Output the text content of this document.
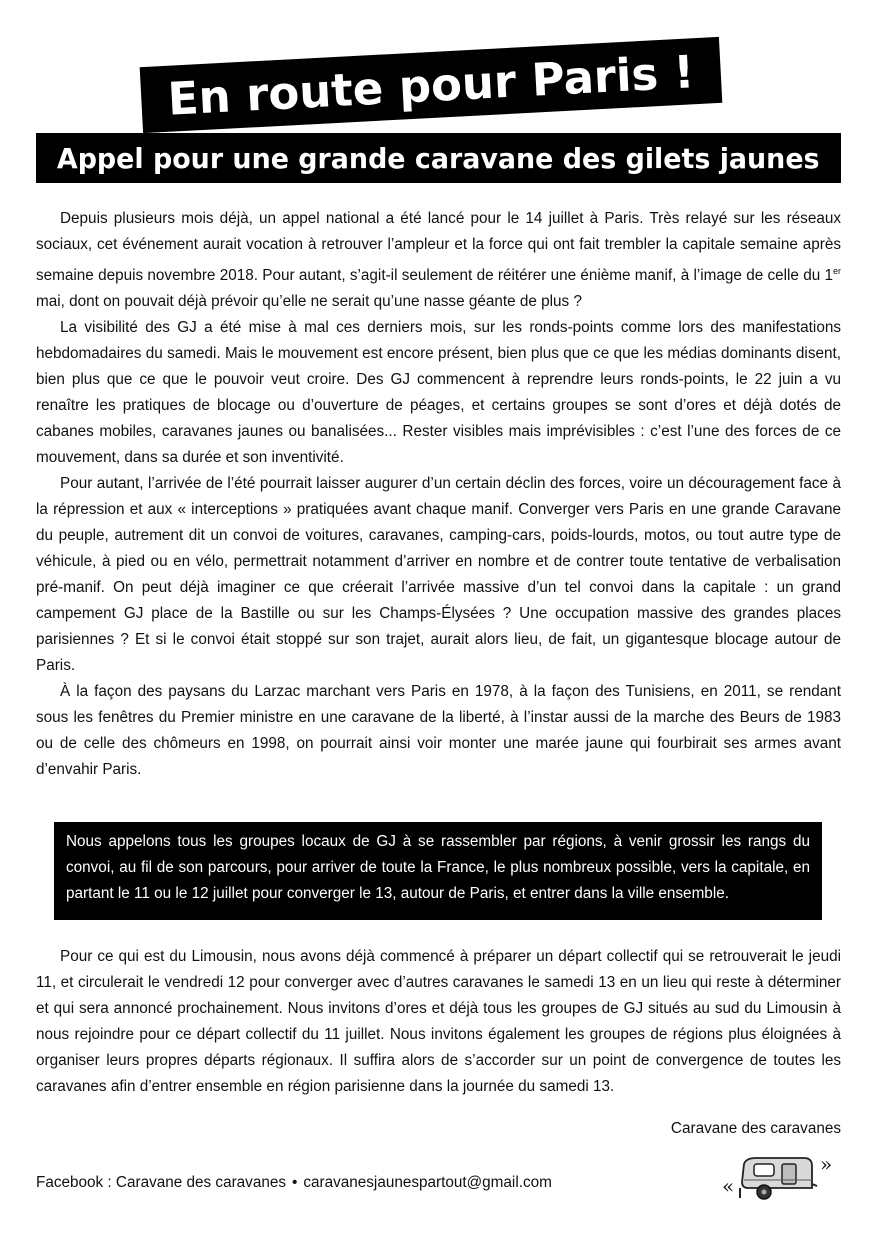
En route pour Paris !
Appel pour une grande caravane des gilets jaunes

Depuis plusieurs mois déjà, un appel national a été lancé pour le 14 juillet à Paris. Très relayé sur les réseaux sociaux, cet événement aurait vocation à retrouver l’ampleur et la force qui ont fait trembler la capitale semaine après semaine depuis novembre 2018. Pour autant, s’agit-il seulement de réitérer une énième manif, à l’image de celle du 1er mai, dont on pouvait déjà prévoir qu’elle ne serait qu’une nasse géante de plus ?

La visibilité des GJ a été mise à mal ces derniers mois, sur les ronds-points comme lors des manifestations hebdomadaires du samedi. Mais le mouvement est encore présent, bien plus que ce que les médias dominants disent, bien plus que ce que le pouvoir veut croire. Des GJ commencent à reprendre leurs ronds-points, le 22 juin a vu renaître les pratiques de blocage ou d’ouverture de péages, et certains groupes se sont d’ores et déjà dotés de cabanes mobiles, caravanes jaunes ou banalisées... Rester visibles mais imprévisibles : c’est l’une des forces de ce mouvement, dans sa durée et son inventivité.

Pour autant, l’arrivée de l’été pourrait laisser augurer d’un certain déclin des forces, voire un découragement face à la répression et aux « interceptions » pratiquées avant chaque manif. Converger vers Paris en une grande Caravane du peuple, autrement dit un convoi de voitures, caravanes, camping-cars, poids-lourds, motos, ou tout autre type de véhicule, à pied ou en vélo, permettrait notamment d’arriver en nombre et de contrer toute tentative de verbalisation pré-manif. On peut déjà imaginer ce que créerait l’arrivée massive d’un tel convoi dans la capitale : un grand campement GJ place de la Bastille ou sur les Champs-Élysées ? Une occupation massive des grandes places parisiennes ? Et si le convoi était stoppé sur son trajet, aurait alors lieu, de fait, un gigantesque blocage autour de Paris.

À la façon des paysans du Larzac marchant vers Paris en 1978, à la façon des Tunisiens, en 2011, se rendant sous les fenêtres du Premier ministre en une caravane de la liberté, à l’instar aussi de la marche des Beurs de 1983 ou de celle des chômeurs en 1998, on pourrait ainsi voir monter une marée jaune qui fourbirait ses armes avant d’envahir Paris.

Nous appelons tous les groupes locaux de GJ à se rassembler par régions, à venir grossir les rangs du convoi, au fil de son parcours, pour arriver de toute la France, le plus nombreux possible, vers la capitale, en partant le 11 ou le 12 juillet pour converger le 13, autour de Paris, et entrer dans la ville ensemble.

Pour ce qui est du Limousin, nous avons déjà commencé à préparer un départ collectif qui se retrouverait le jeudi 11, et circulerait le vendredi 12 pour converger avec d’autres caravanes le samedi 13 en un lieu qui reste à déterminer et qui sera annoncé prochainement. Nous invitons d’ores et déjà tous les groupes de GJ situés au sud du Limousin à nous rejoindre pour ce départ collectif du 11 juillet. Nous invitons également les groupes de régions plus éloignées à organiser leurs propres départs régionaux. Il suffira alors de s’accorder sur un point de convergence de toutes les caravanes afin d’entrer ensemble en région parisienne dans la journée du samedi 13.

Caravane des caravanes
Facebook : Caravane des caravanes • caravanesjaunespartout@gmail.com	«
»
